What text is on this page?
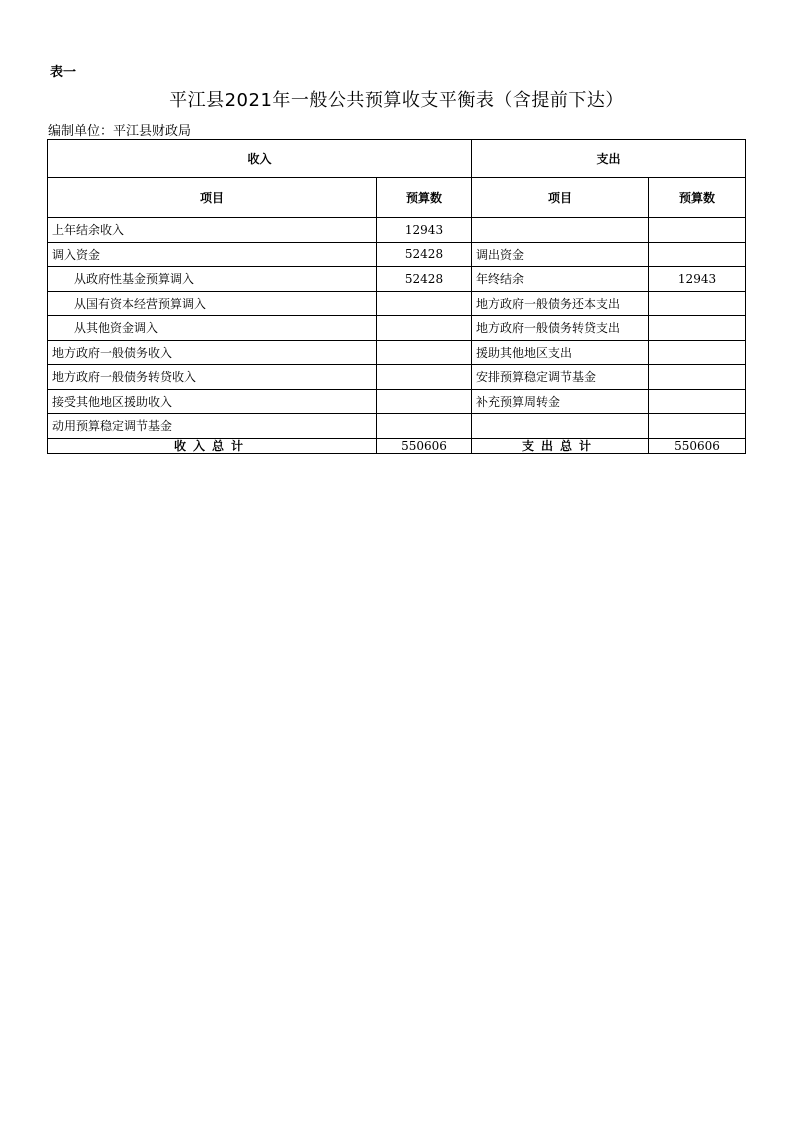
表一
平江县2021年一般公共预算收支平衡表（含提前下达）
编制单位：平江县财政局
收入		支出	
项目	预算数	项目	预算数
上年结余收入	12943		
调入资金	52428	调出资金	
从政府性基金预算调入	52428	年终结余	12943
从国有资本经营预算调入		地方政府一般债务还本支出	
从其他资金调入		地方政府一般债务转贷支出	
地方政府一般债务收入		援助其他地区支出	
地方政府一般债务转贷收入		安排预算稳定调节基金	
接受其他地区援助收入		补充预算周转金	
动用预算稳定调节基金			
收入总计	550606	支出总计	550606
